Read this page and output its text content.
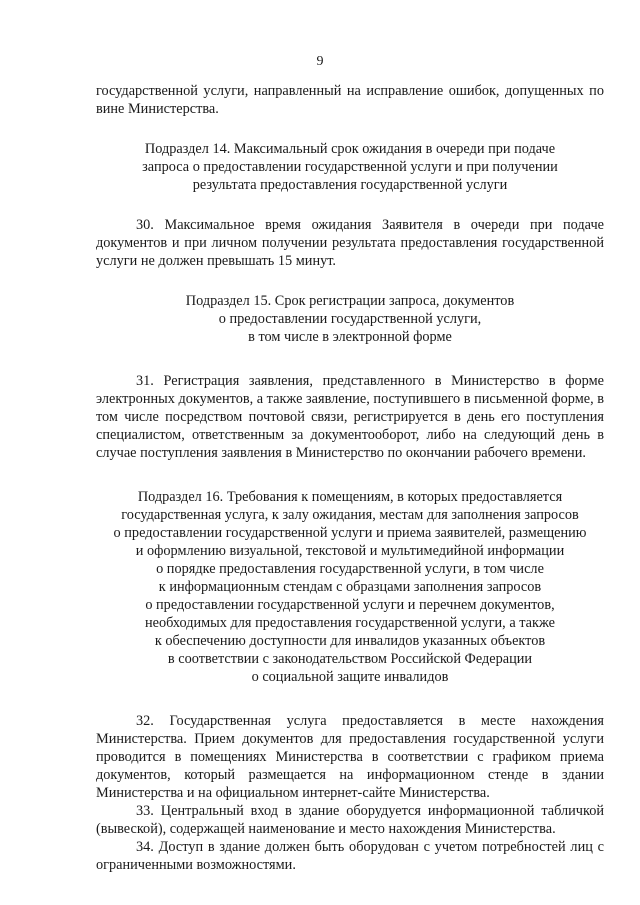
9

государственной услуги, направленный на исправление ошибок, допущенных по вине Министерства.

Подраздел 14. Максимальный срок ожидания в очереди при подаче
запроса о предоставлении государственной услуги и при получении
результата предоставления государственной услуги

30. Максимальное время ожидания Заявителя в очереди при подаче документов и при личном получении результата предоставления государственной услуги не должен превышать 15 минут.

Подраздел 15. Срок регистрации запроса, документов
о предоставлении государственной услуги,
в том числе в электронной форме

31. Регистрация заявления, представленного в Министерство в форме электронных документов, а также заявление, поступившего в письменной форме, в том числе посредством почтовой связи, регистрируется в день его поступления специалистом, ответственным за документооборот, либо на следующий день в случае поступления заявления в Министерство по окончании рабочего времени.

Подраздел 16. Требования к помещениям, в которых предоставляется
государственная услуга, к залу ожидания, местам для заполнения запросов
о предоставлении государственной услуги и приема заявителей, размещению
и оформлению визуальной, текстовой и мультимедийной информации
о порядке предоставления государственной услуги, в том числе
к информационным стендам с образцами заполнения запросов
о предоставлении государственной услуги и перечнем документов,
необходимых для предоставления государственной услуги, а также
к обеспечению доступности для инвалидов указанных объектов
в соответствии с законодательством Российской Федерации
о социальной защите инвалидов

32. Государственная услуга предоставляется в месте нахождения Министерства. Прием документов для предоставления государственной услуги проводится в помещениях Министерства в соответствии с графиком приема документов, который размещается на информационном стенде в здании Министерства и на официальном интернет-сайте Министерства.

33. Центральный вход в здание оборудуется информационной табличкой (вывеской), содержащей наименование и место нахождения Министерства.

34. Доступ в здание должен быть оборудован с учетом потребностей лиц с ограниченными возможностями.
